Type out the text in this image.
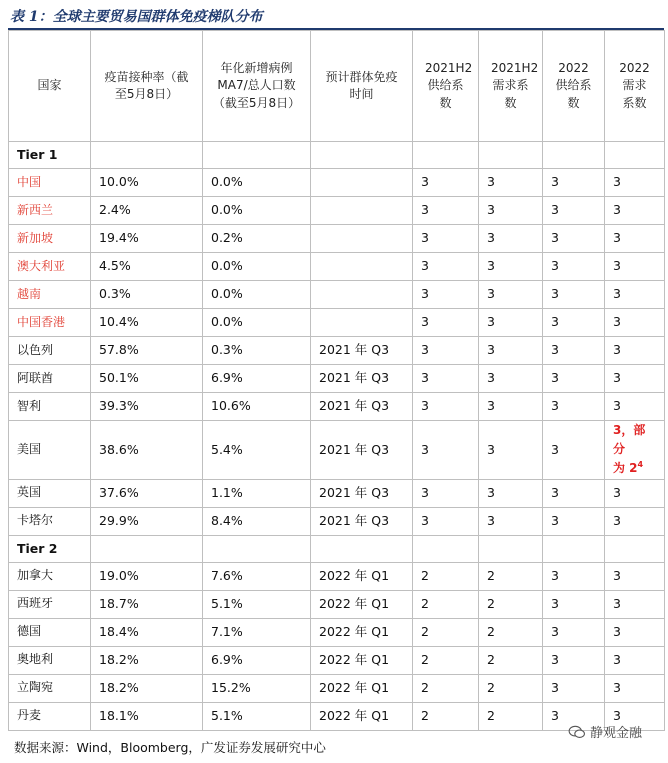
表 1：全球主要贸易国群体免疫梯队分布
国家	疫苗接种率（截至5月8日）	年化新增病例MA7/总人口数（截至5月8日）	预计群体免疫时间	2021H2供给系数	2021H2需求系数	2022供给系数	2022需求系数
Tier 1							
中国	10.0%	0.0%		3	3	3	3
新西兰	2.4%	0.0%		3	3	3	3
新加坡	19.4%	0.2%		3	3	3	3
澳大利亚	4.5%	0.0%		3	3	3	3
越南	0.3%	0.0%		3	3	3	3
中国香港	10.4%	0.0%		3	3	3	3
以色列	57.8%	0.3%	2021 年 Q3	3	3	3	3
阿联酋	50.1%	6.9%	2021 年 Q3	3	3	3	3
智利	39.3%	10.6%	2021 年 Q3	3	3	3	3
美国	38.6%	5.4%	2021 年 Q3	3	3	3	3，部分
为 $2^4$
英国	37.6%	1.1%	2021 年 Q3	3	3	3	3
卡塔尔	29.9%	8.4%	2021 年 Q3	3	3	3	3
Tier 2							
加拿大	19.0%	7.6%	2022 年 Q1	2	2	3	3
西班牙	18.7%	5.1%	2022 年 Q1	2	2	3	3
德国	18.4%	7.1%	2022 年 Q1	2	2	3	3
奥地利	18.2%	6.9%	2022 年 Q1	2	2	3	3
立陶宛	18.2%	15.2%	2022 年 Q1	2	2	3	3
丹麦	18.1%	5.1%	2022 年 Q1	2	2	3	3
数据来源：Wind，Bloomberg，广发证券发展研究中心
静观金融
